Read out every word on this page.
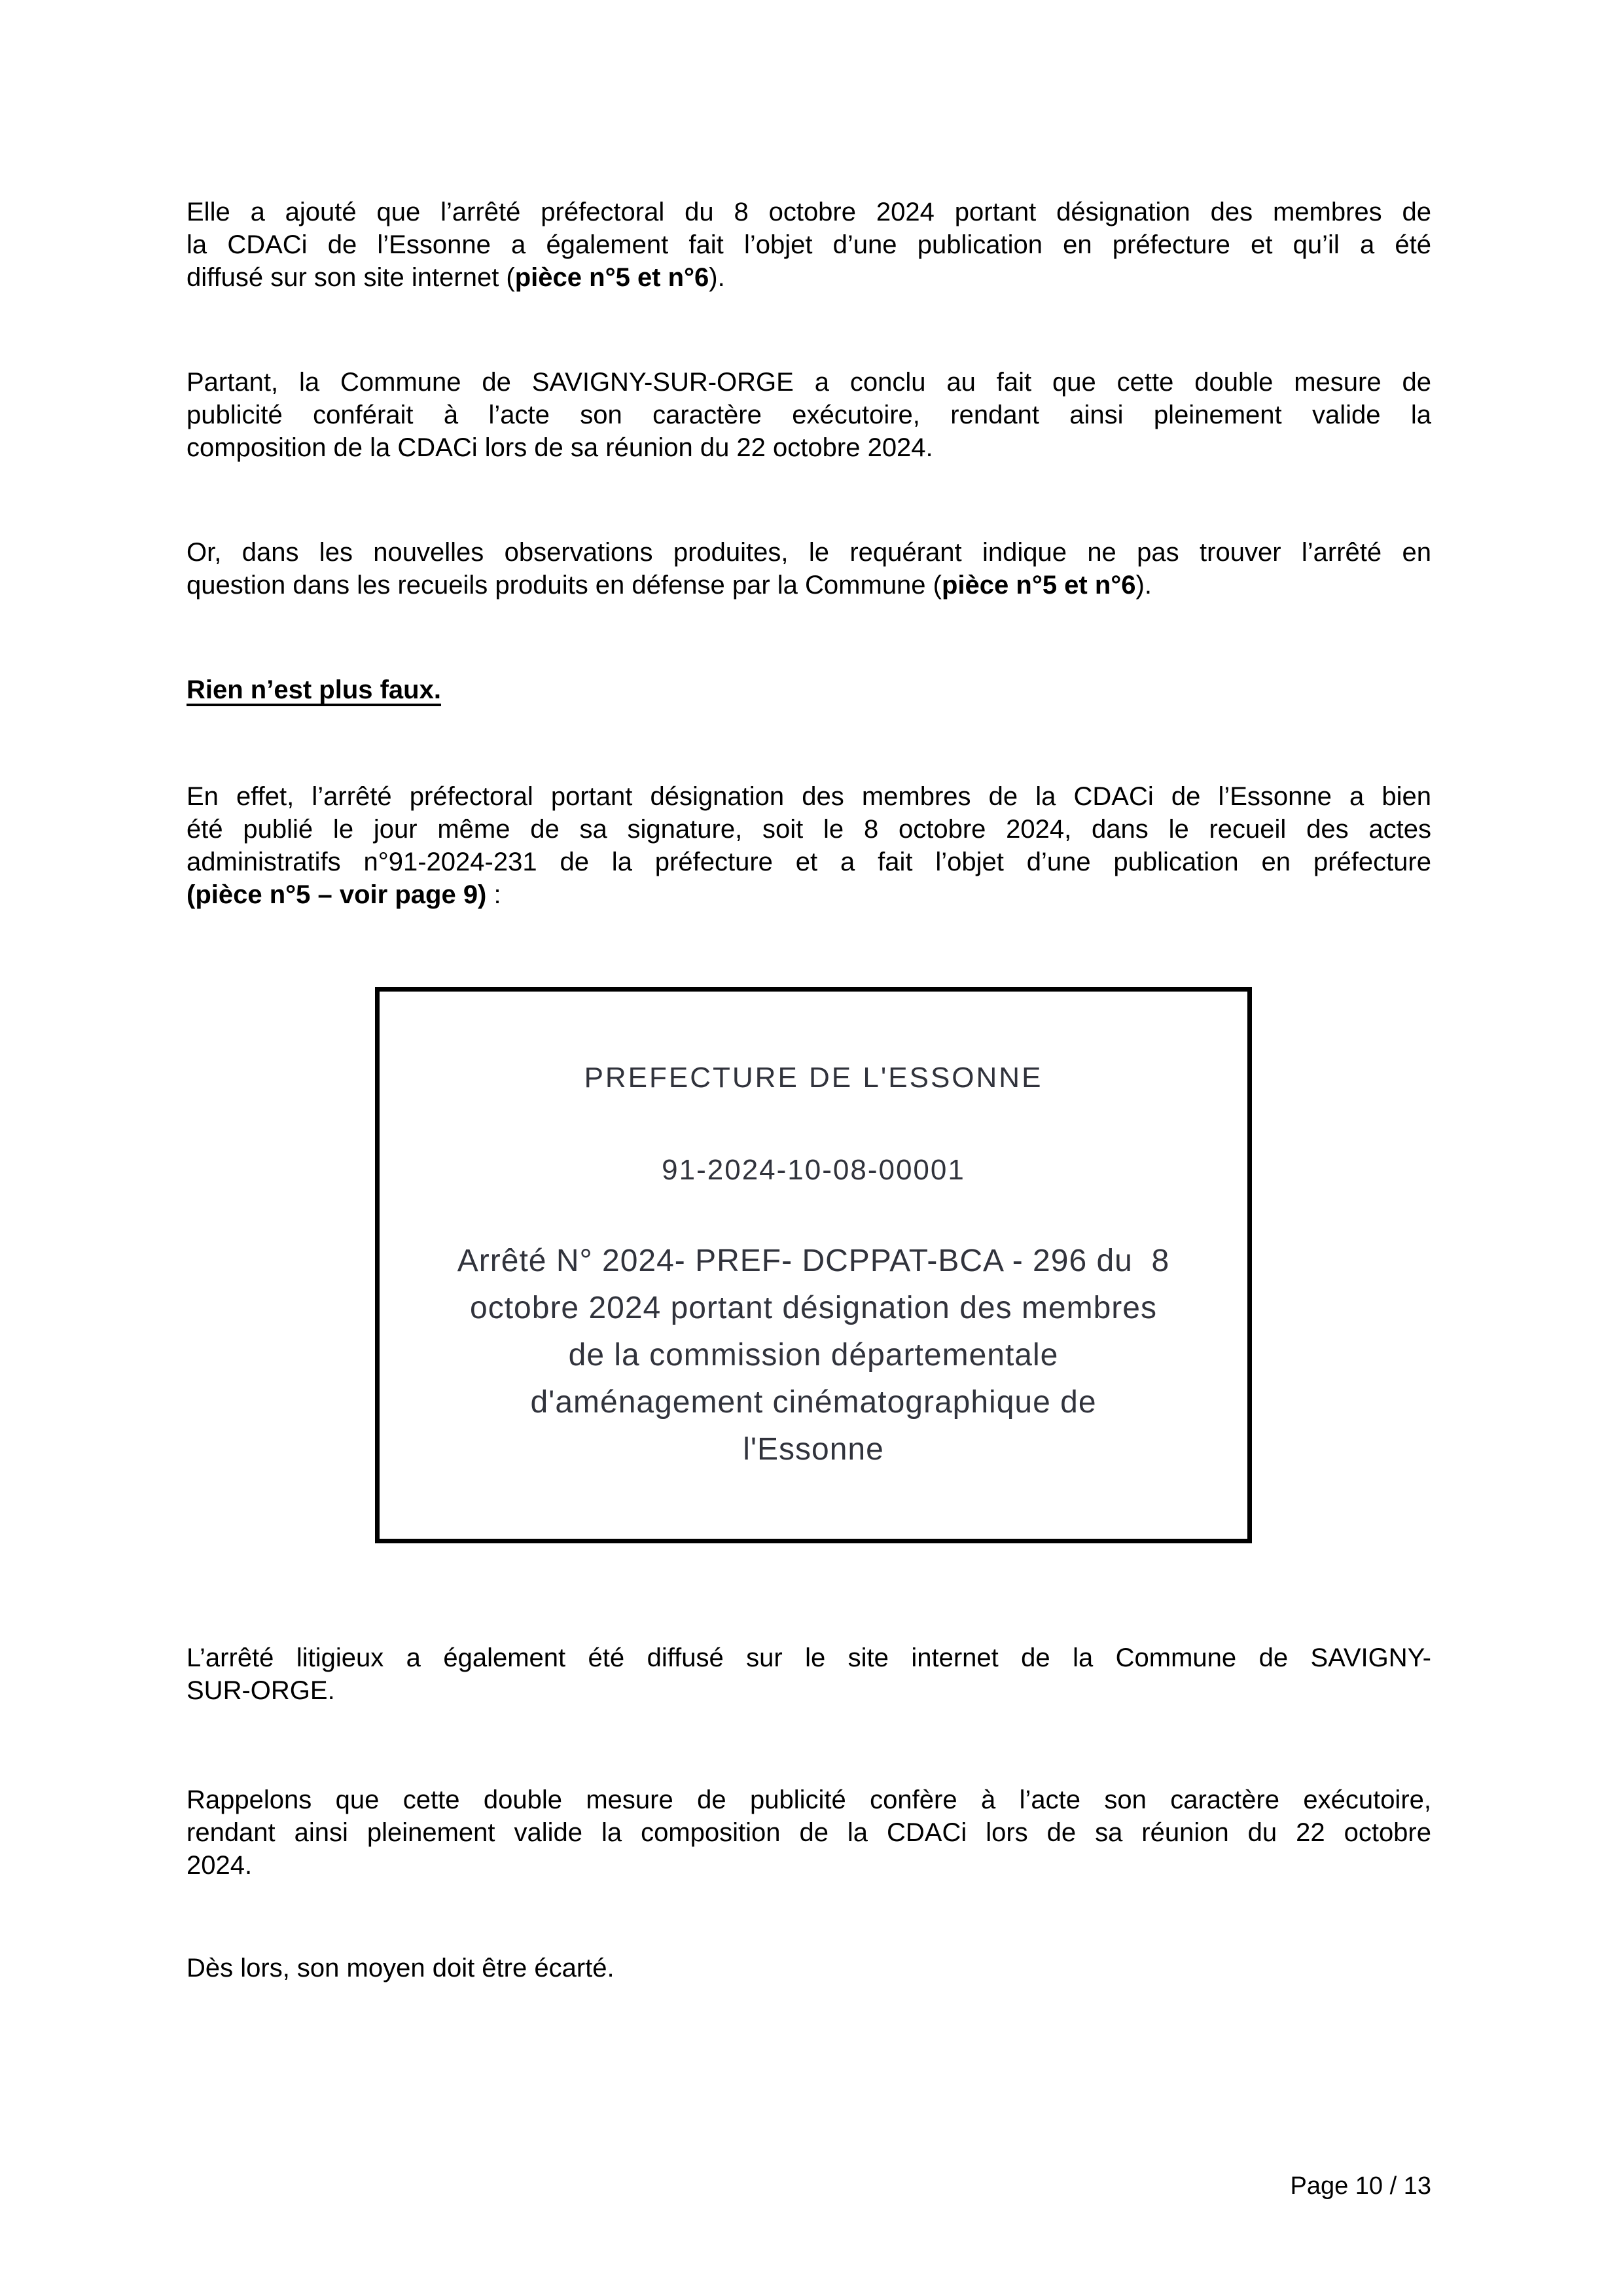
Elle a ajouté que l’arrêté préfectoral du 8 octobre 2024 portant désignation des membres de
la CDACi de l’Essonne a également fait l’objet d’une publication en préfecture et qu’il a été
diffusé sur son site internet (pièce n°5 et n°6).
Partant, la Commune de SAVIGNY-SUR-ORGE a conclu au fait que cette double mesure de
publicité conférait à l’acte son caractère exécutoire, rendant ainsi pleinement valide la
composition de la CDACi lors de sa réunion du 22 octobre 2024.
Or, dans les nouvelles observations produites, le requérant indique ne pas trouver l’arrêté en
question dans les recueils produits en défense par la Commune (pièce n°5 et n°6).
Rien n’est plus faux.
En effet, l’arrêté préfectoral portant désignation des membres de la CDACi de l’Essonne a bien
été publié le jour même de sa signature, soit le 8 octobre 2024, dans le recueil des actes
administratifs n°91-2024-231 de la préfecture et a fait l’objet d’une publication en préfecture
(pièce n°5 – voir page 9) :
L’arrêté litigieux a également été diffusé sur le site internet de la Commune de SAVIGNY-
SUR-ORGE.
Rappelons que cette double mesure de publicité confère à l’acte son caractère exécutoire,
rendant ainsi pleinement valide la composition de la CDACi lors de sa réunion du 22 octobre
2024.
Dès lors, son moyen doit être écarté.
PREFECTURE DE L'ESSONNE
91-2024-10-08-00001
Arrêté N° 2024- PREF- DCPPAT-BCA - 296 du  8
octobre 2024 portant désignation des membres
de la commission départementale
d'aménagement cinématographique de
l'Essonne
Page 10 / 13
